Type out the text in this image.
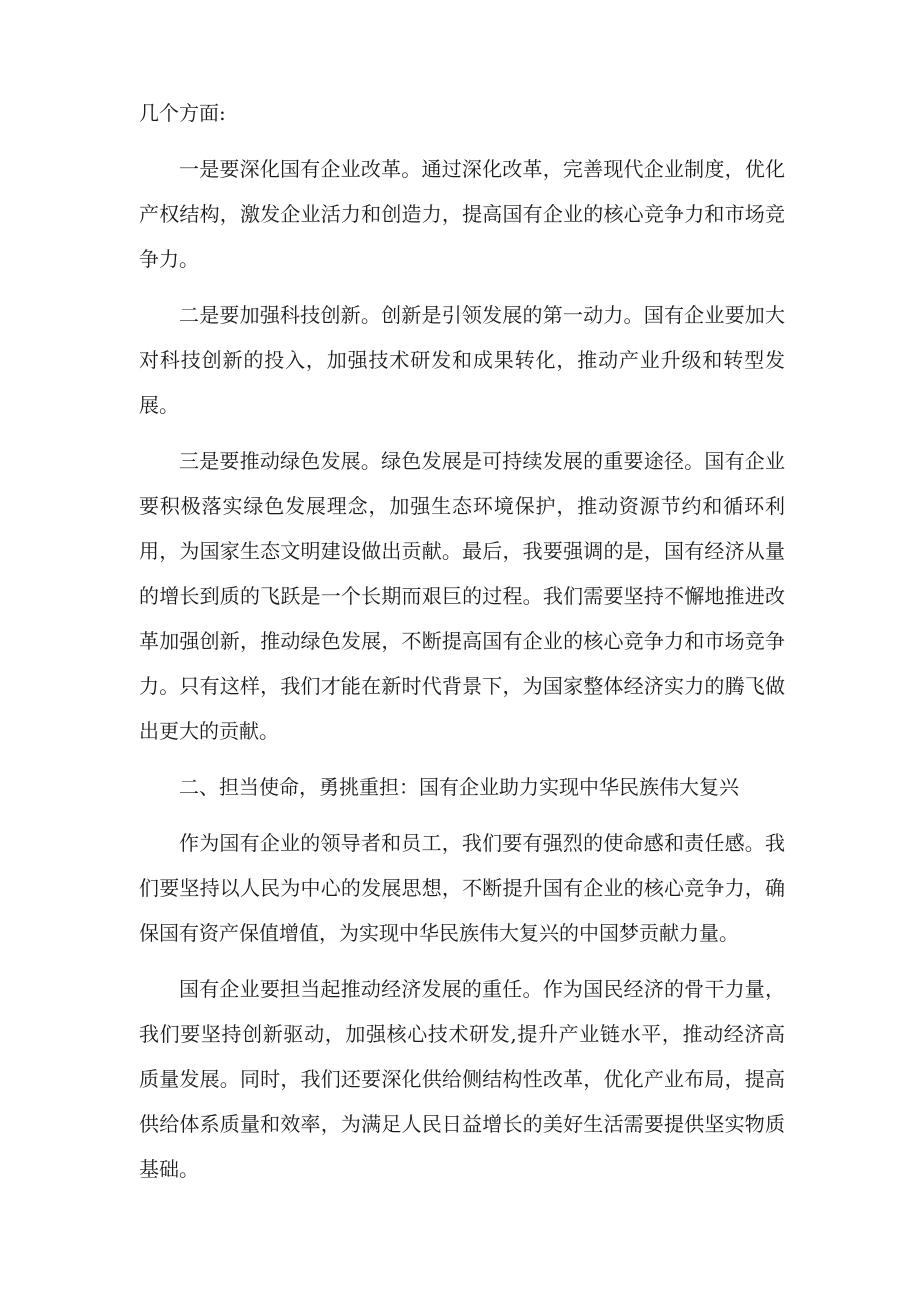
几个方面:

一是要深化国有企业改革。通过深化改革，完善现代企业制度，优化产权结构，激发企业活力和创造力，提高国有企业的核心竞争力和市场竞争力。

二是要加强科技创新。创新是引领发展的第一动力。国有企业要加大对科技创新的投入，加强技术研发和成果转化，推动产业升级和转型发展。

三是要推动绿色发展。绿色发展是可持续发展的重要途径。国有企业要积极落实绿色发展理念，加强生态环境保护，推动资源节约和循环利用，为国家生态文明建设做出贡献。最后，我要强调的是，国有经济从量的增长到质的飞跃是一个长期而艰巨的过程。我们需要坚持不懈地推进改革加强创新，推动绿色发展，不断提高国有企业的核心竞争力和市场竞争力。只有这样，我们才能在新时代背景下，为国家整体经济实力的腾飞做出更大的贡献。

二、担当使命，勇挑重担：国有企业助力实现中华民族伟大复兴

作为国有企业的领导者和员工，我们要有强烈的使命感和责任感。我们要坚持以人民为中心的发展思想，不断提升国有企业的核心竞争力，确保国有资产保值增值，为实现中华民族伟大复兴的中国梦贡献力量。

国有企业要担当起推动经济发展的重任。作为国民经济的骨干力量，我们要坚持创新驱动，加强核心技术研发,提升产业链水平，推动经济高质量发展。同时，我们还要深化供给侧结构性改革，优化产业布局，提高供给体系质量和效率，为满足人民日益增长的美好生活需要提供坚实物质基础。
